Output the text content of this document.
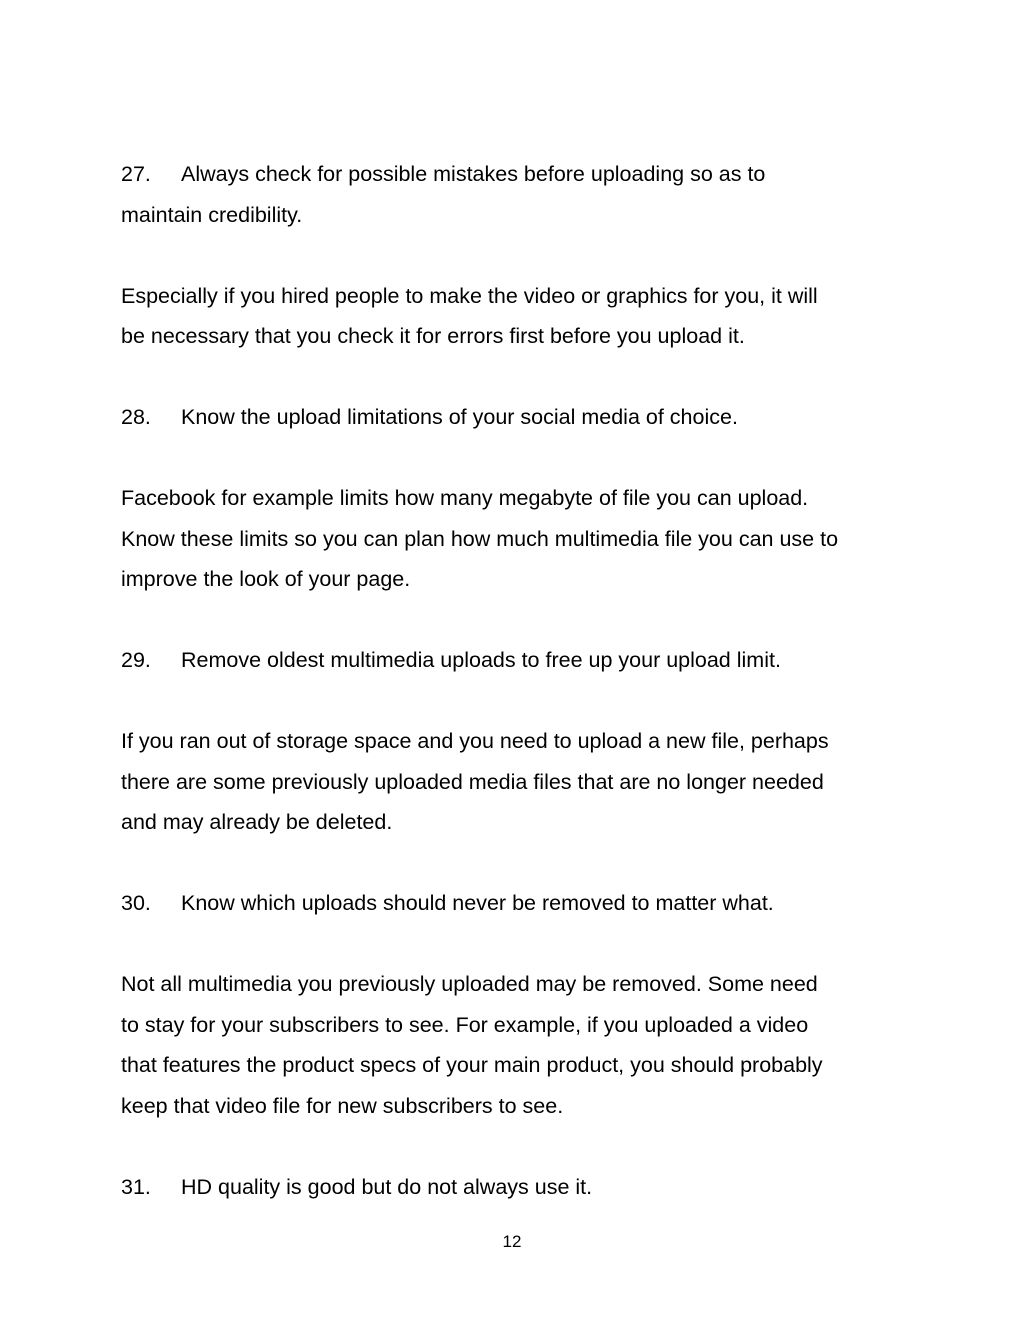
27. Always check for possible mistakes before uploading so as to
maintain credibility.
Especially if you hired people to make the video or graphics for you, it will
be necessary that you check it for errors first before you upload it.
28. Know the upload limitations of your social media of choice.
Facebook for example limits how many megabyte of file you can upload.
Know these limits so you can plan how much multimedia file you can use to
improve the look of your page.
29. Remove oldest multimedia uploads to free up your upload limit.
If you ran out of storage space and you need to upload a new file, perhaps
there are some previously uploaded media files that are no longer needed
and may already be deleted.
30. Know which uploads should never be removed to matter what.
Not all multimedia you previously uploaded may be removed. Some need
to stay for your subscribers to see. For example, if you uploaded a video
that features the product specs of your main product, you should probably
keep that video file for new subscribers to see.
31. HD quality is good but do not always use it.
12
